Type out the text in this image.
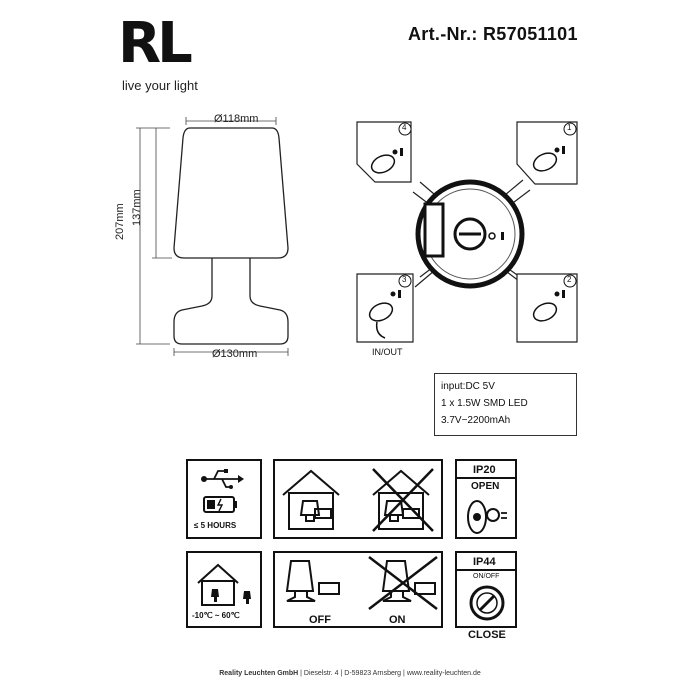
RL
live your light
Art.-Nr.: R57051101
Ø118mm
Ø130mm
207mm 137mm
4	1
3	2
IN/OUT
input:DC 5V
1 x 1.5W SMD LED
3.7V−2200mAh
≤ 5 HOURS
IP20
OPEN
-10℃ ~ 60℃	OFF	ON
IP44
ON/OFF
CLOSE
Reality Leuchten GmbH | Dieselstr. 4 | D-59823 Arnsberg | www.reality-leuchten.de
